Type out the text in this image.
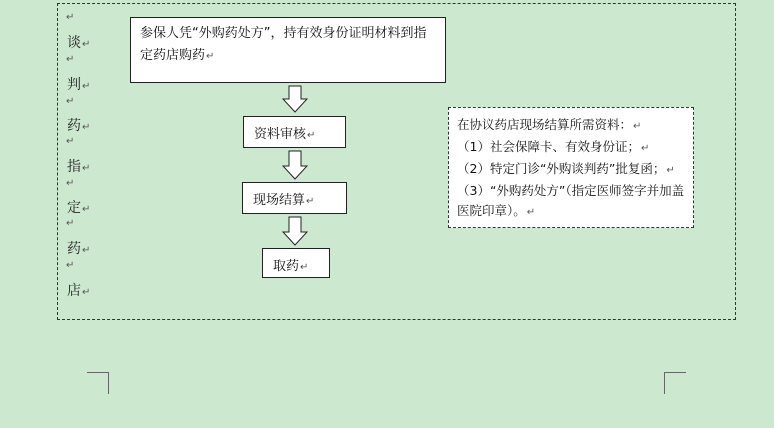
↵
谈↵
↵
判↵
↵
药↵
↵
指↵
↵
定↵
↵
药↵
↵
店↵
参保人凭“外购药处方”，持有效身份证明材料到指定药店购药↵
资料审核↵
现场结算↵
取药↵
在协议药店现场结算所需资料：↵
（1）社会保障卡、有效身份证；↵
（2）特定门诊“外购谈判药”批复函；↵
（3）“外购药处方”（指定医师签字并加盖医院印章）。↵
